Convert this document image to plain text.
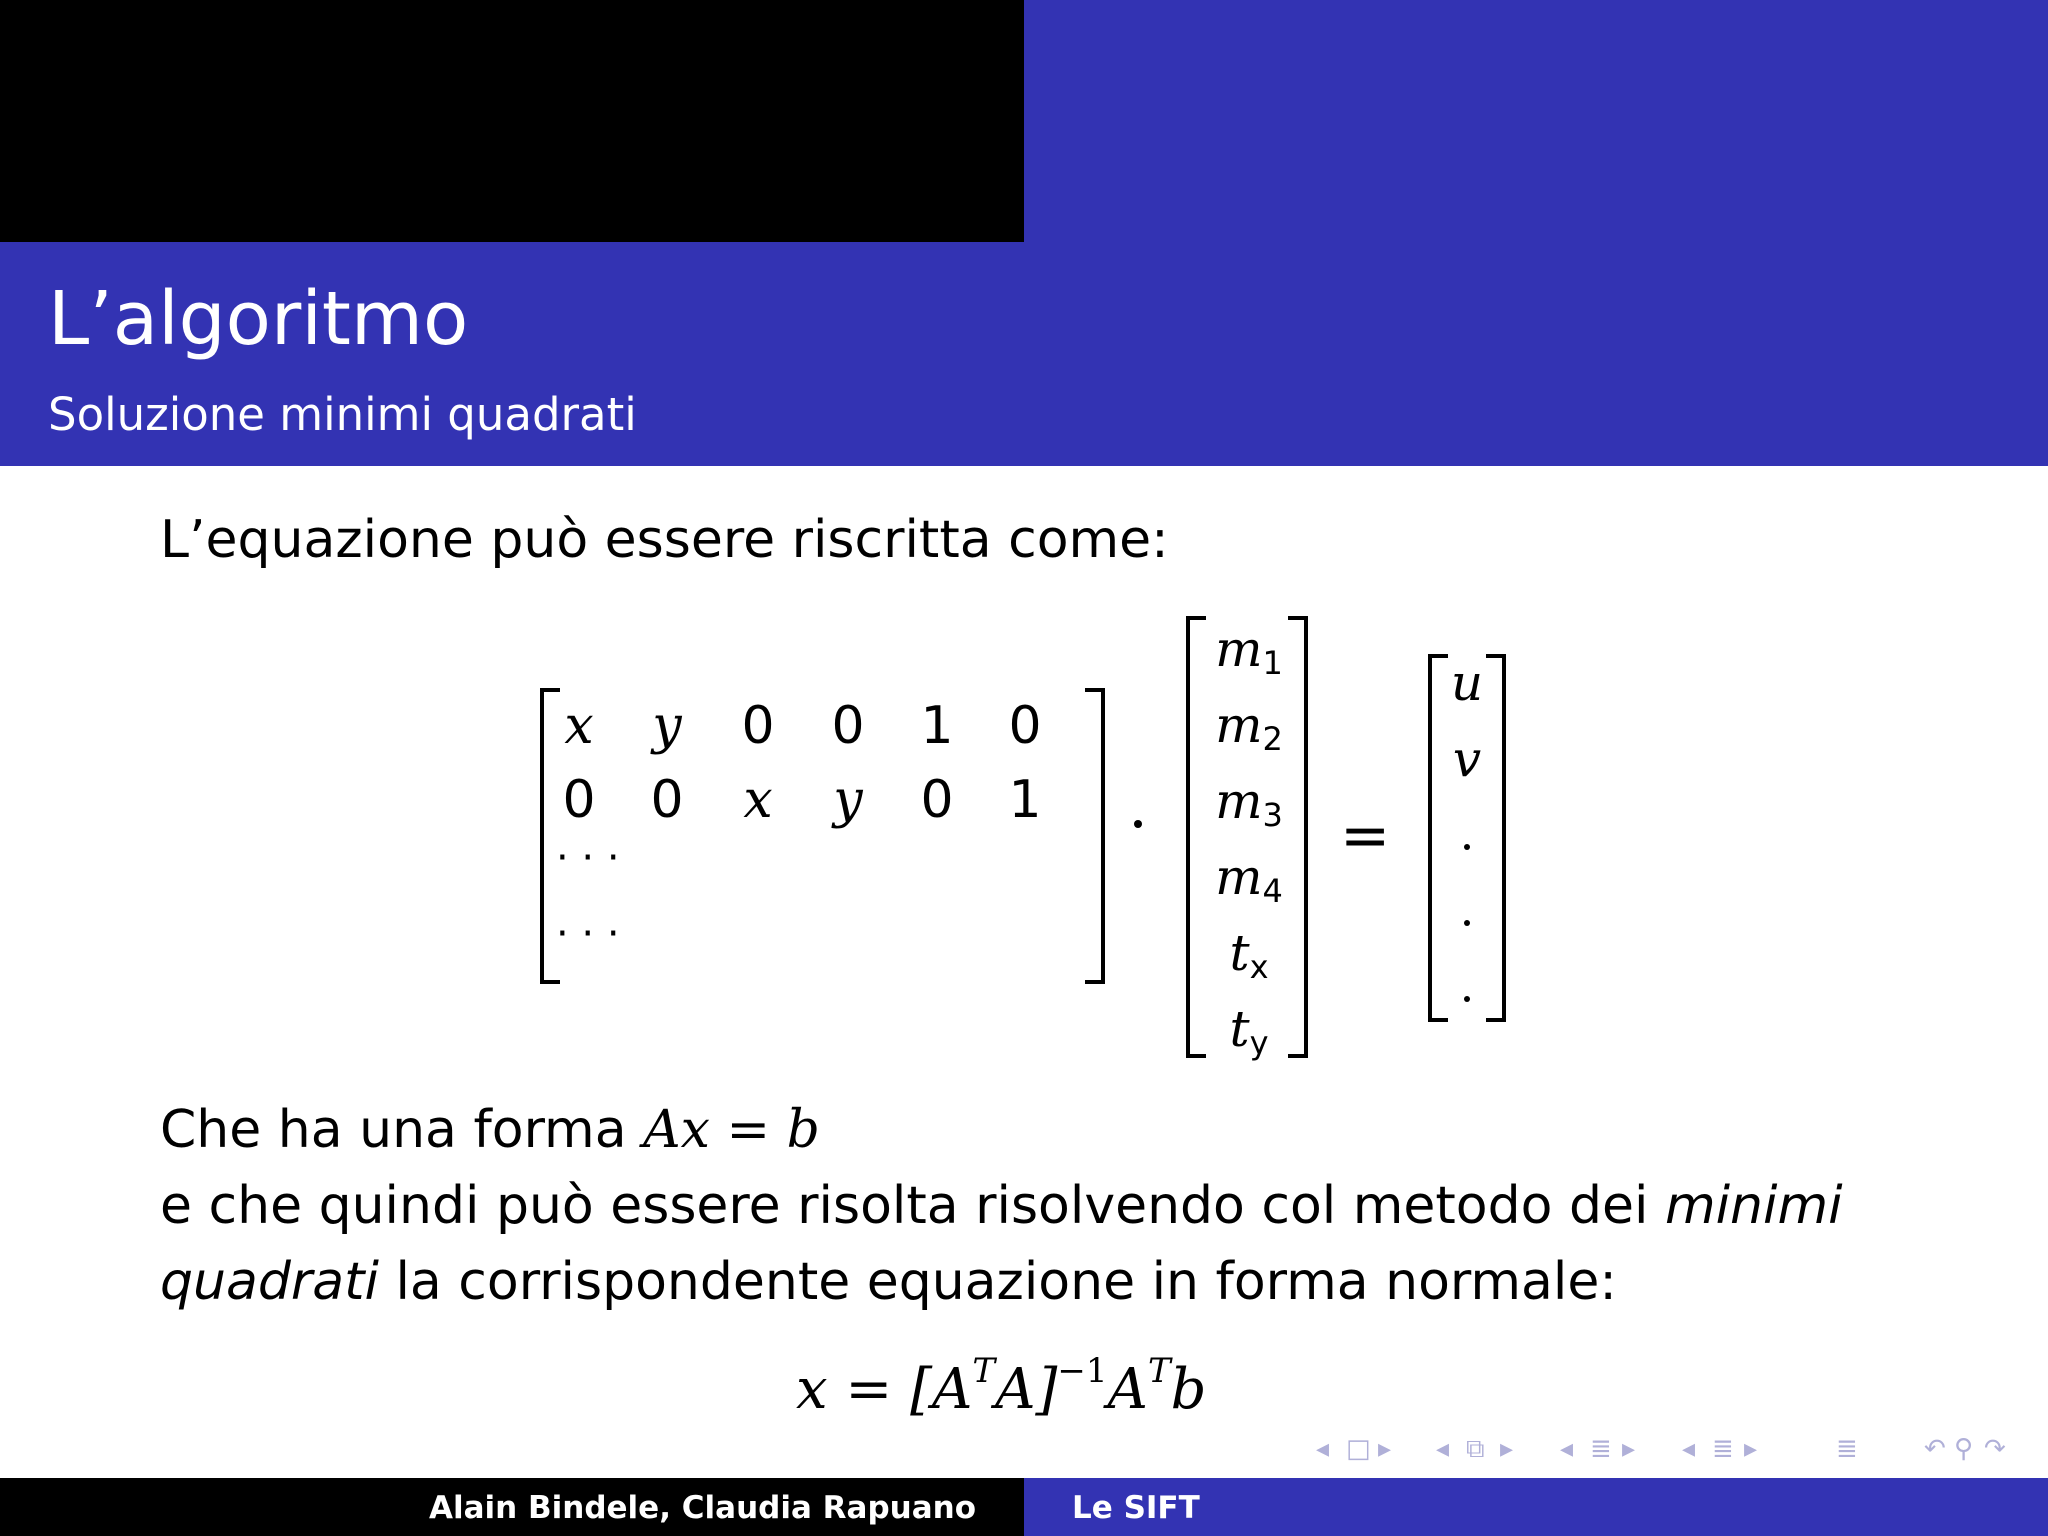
L’algoritmo
Soluzione minimi quadrati
L’equazione può essere riscritta come:
x y 0 0 1 0
0 0 x y 0 1
· · ·
· · ·
$m_1$
$m_2$
$m_3$
$m_4$
$t_x$
$t_y$
=
u
v
Che ha una forma Ax = b
e che quindi può essere risolta risolvendo col metodo dei minimi
quadrati la corrispondente equazione in forma normale:
$x = [A^TA]^{-1}A^Tb$
◂ □ ▸ ◂ ⧉ ▸ ◂ ≣ ▸ ◂ ≣ ▸	≣	↶ ⚲ ↷
Alain Bindele, Claudia Rapuano	Le SIFT
